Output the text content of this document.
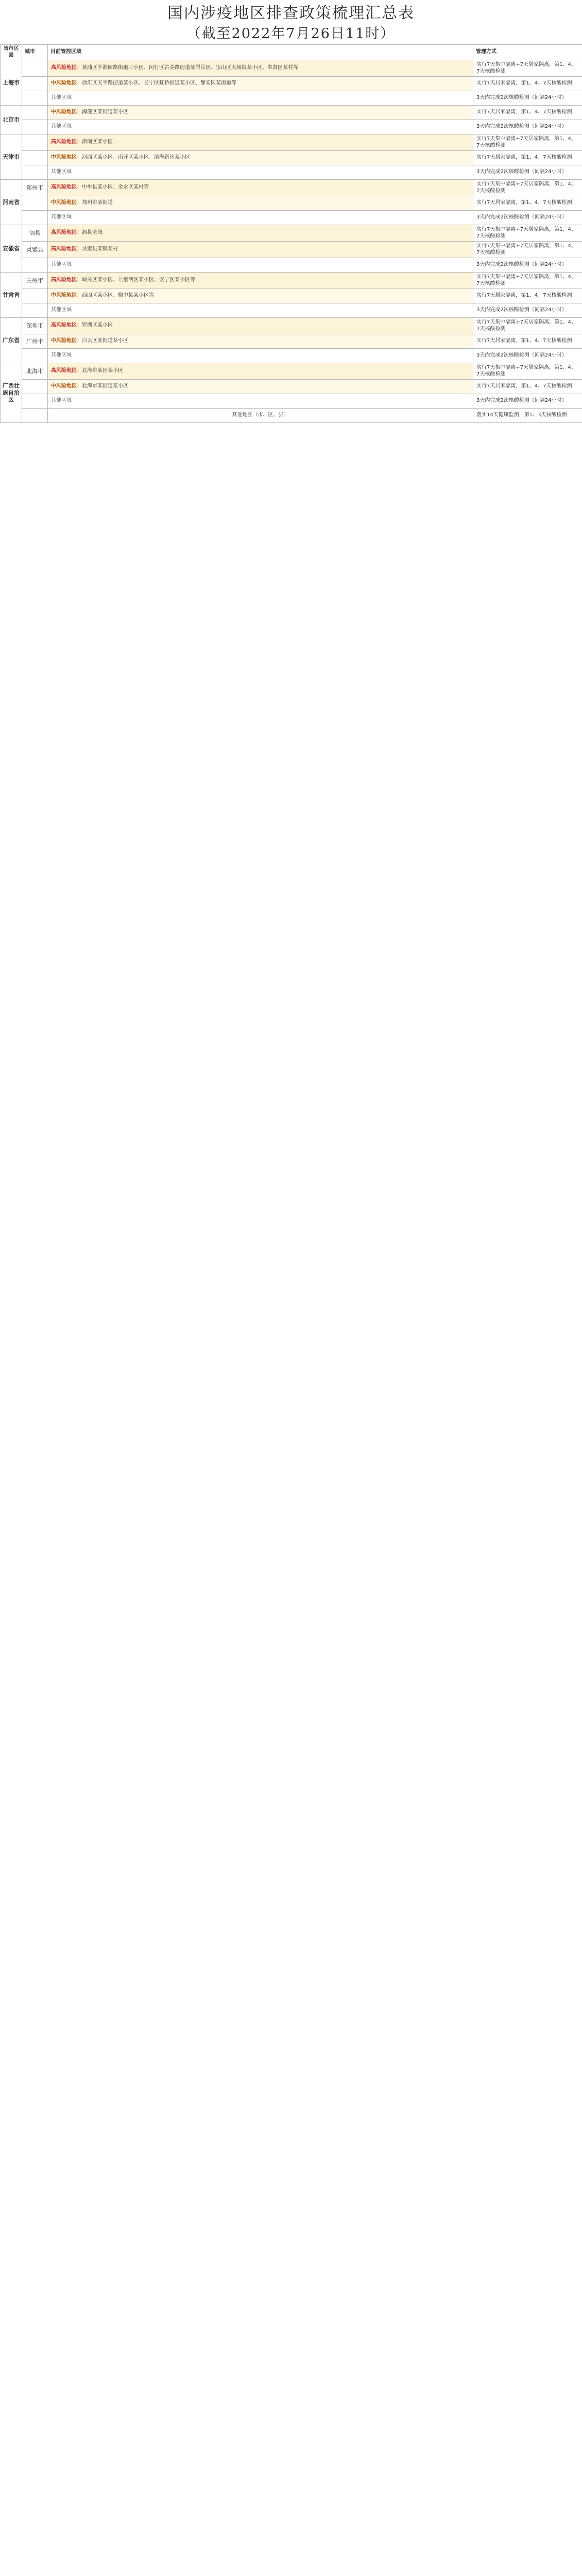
国内涉疫地区排查政策梳理汇总表
（截至2022年7月26日11时）
省市区县	城市	目前管控区域	管理方式
上海市		高风险地区：黄浦区半淞园路街道三小区、闵行区古美路街道某居民区、宝山区大场镇某小区、奉贤区某村等	实行7天集中隔离+7天居家隔离，第1、4、7天核酸检测
		中风险地区：徐汇区天平路街道某小区、长宁区虹桥街道某小区、静安区某街道等	实行7天居家隔离，第1、4、7天核酸检测
		其他区域	3天内完成2次核酸检测（间隔24小时）
北京市		中风险地区：海淀区某街道某小区	实行7天居家隔离，第1、4、7天核酸检测
		其他区域	3天内完成2次核酸检测（间隔24小时）
天津市		高风险地区：津南区某小区	实行7天集中隔离+7天居家隔离，第1、4、7天核酸检测
		中风险地区：河西区某小区、南开区某小区、滨海新区某小区	实行7天居家隔离，第1、4、7天核酸检测
		其他区域	3天内完成2次核酸检测（间隔24小时）
河南省	郑州市	高风险地区：中牟县某小区、金水区某村等	实行7天集中隔离+7天居家隔离，第1、4、7天核酸检测
		中风险地区：郑州市某街道	实行7天居家隔离，第1、4、7天核酸检测
		其他区域	3天内完成2次核酸检测（间隔24小时）
安徽省	泗县	高风险地区：泗县全域	实行7天集中隔离+7天居家隔离，第1、4、7天核酸检测
	灵璧县	高风险地区：灵璧县某镇某村	实行7天集中隔离+7天居家隔离，第1、4、7天核酸检测
		其他区域	3天内完成2次核酸检测（间隔24小时）
甘肃省	兰州市	高风险地区：城关区某小区、七里河区某小区、安宁区某小区等	实行7天集中隔离+7天居家隔离，第1、4、7天核酸检测
		中风险地区：西固区某小区、榆中县某小区等	实行7天居家隔离，第1、4、7天核酸检测
		其他区域	3天内完成2次核酸检测（间隔24小时）
广东省	深圳市	高风险地区：罗湖区某小区	实行7天集中隔离+7天居家隔离，第1、4、7天核酸检测
	广州市	中风险地区：白云区某街道某小区	实行7天居家隔离，第1、4、7天核酸检测
		其他区域	3天内完成2次核酸检测（间隔24小时）
广西壮族自治区	北海市	高风险地区：北海市某区某小区	实行7天集中隔离+7天居家隔离，第1、4、7天核酸检测
		中风险地区：北海市某街道某小区	实行7天居家隔离，第1、4、7天核酸检测
		其他区域	3天内完成2次核酸检测（间隔24小时）
		其他地区（市、区、县）	落实14天健康监测，第1、3天核酸检测
